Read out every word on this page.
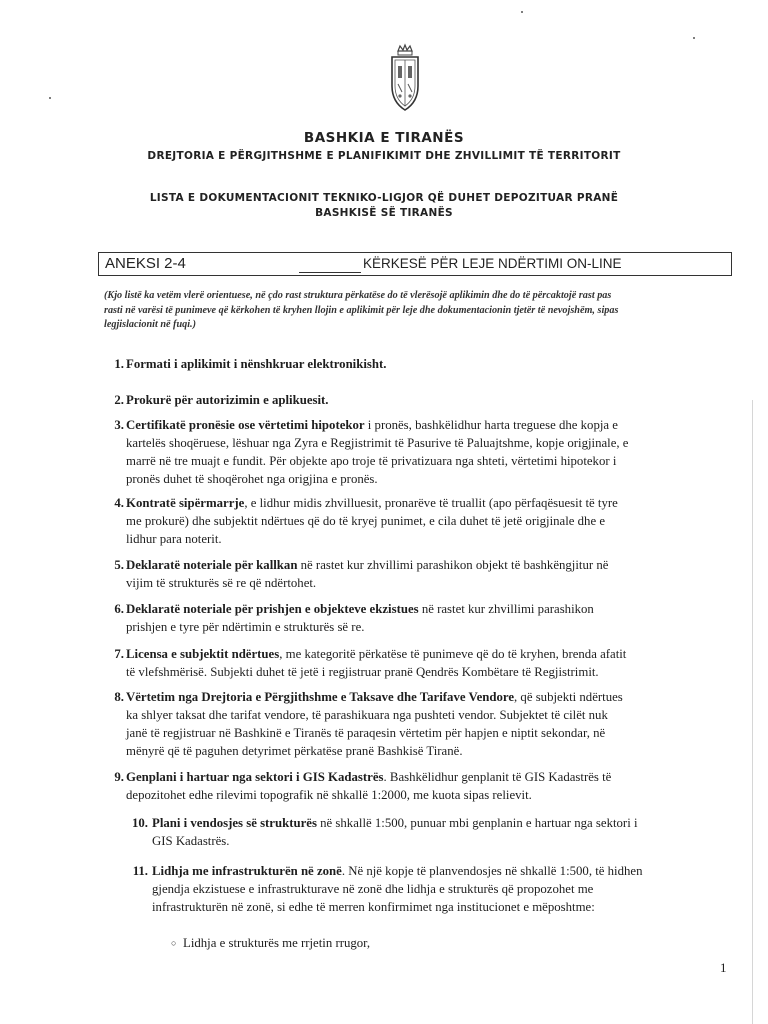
BASHKIA E TIRANËS
DREJTORIA E PËRGJITHSHME E PLANIFIKIMIT DHE ZHVILLIMIT TË TERRITORIT
LISTA E DOKUMENTACIONIT TEKNIKO-LIGJOR QË DUHET DEPOZITUAR PRANË
BASHKISË SË TIRANËS
ANEKSI 2-4	KËRKESË PËR LEJE NDËRTIMI ON-LINE
(Kjo listë ka vetëm vlerë orientuese, në çdo rast struktura përkatëse do të vlerësojë aplikimin dhe do të përcaktojë rast pas
rasti në varësi të punimeve që kërkohen të kryhen llojin e aplikimit për leje dhe dokumentacionin tjetër të nevojshëm, sipas
legjislacionit në fuqi.)
1. Formati i aplikimit i nënshkruar elektronikisht.
2. Prokurë për autorizimin e aplikuesit.
3. Certifikatë pronësie ose vërtetimi hipotekor i pronës, bashkëlidhur harta treguese dhe kopja e
kartelës shoqëruese, lëshuar nga Zyra e Regjistrimit të Pasurive të Paluajtshme, kopje origjinale, e
marrë në tre muajt e fundit. Për objekte apo troje të privatizuara nga shteti, vërtetimi hipotekor i
pronës duhet të shoqërohet nga origjina e pronës.
4. Kontratë sipërmarrje, e lidhur midis zhvilluesit, pronarëve të truallit (apo përfaqësuesit të tyre
me prokurë) dhe subjektit ndërtues që do të kryej punimet, e cila duhet të jetë origjinale dhe e
lidhur para noterit.
5. Deklaratë noteriale për kallkan në rastet kur zhvillimi parashikon objekt të bashkëngjitur në
vijim të strukturës së re që ndërtohet.
6. Deklaratë noteriale për prishjen e objekteve ekzistues në rastet kur zhvillimi parashikon
prishjen e tyre për ndërtimin e strukturës së re.
7. Licensa e subjektit ndërtues, me kategoritë përkatëse të punimeve që do të kryhen, brenda afatit
të vlefshmërisë. Subjekti duhet të jetë i regjistruar pranë Qendrës Kombëtare të Regjistrimit.
8. Vërtetim nga Drejtoria e Përgjithshme e Taksave dhe Tarifave Vendore, që subjekti ndërtues
ka shlyer taksat dhe tarifat vendore, të parashikuara nga pushteti vendor. Subjektet të cilët nuk
janë të regjistruar në Bashkinë e Tiranës të paraqesin vërtetim për hapjen e niptit sekondar, në
mënyrë që të paguhen detyrimet përkatëse pranë Bashkisë Tiranë.
9. Genplani i hartuar nga sektori i GIS Kadastrës. Bashkëlidhur genplanit të GIS Kadastrës të
depozitohet edhe rilevimi topografik në shkallë 1:2000, me kuota sipas relievit.
10. Plani i vendosjes së strukturës në shkallë 1:500, punuar mbi genplanin e hartuar nga sektori i
GIS Kadastrës.
11. Lidhja me infrastrukturën në zonë. Në një kopje të planvendosjes në shkallë 1:500, të hidhen
gjendja ekzistuese e infrastrukturave në zonë dhe lidhja e strukturës që propozohet me
infrastrukturën në zonë, si edhe të merren konfirmimet nga institucionet e mëposhtme:
○ Lidhja e strukturës me rrjetin rrugor,
1
